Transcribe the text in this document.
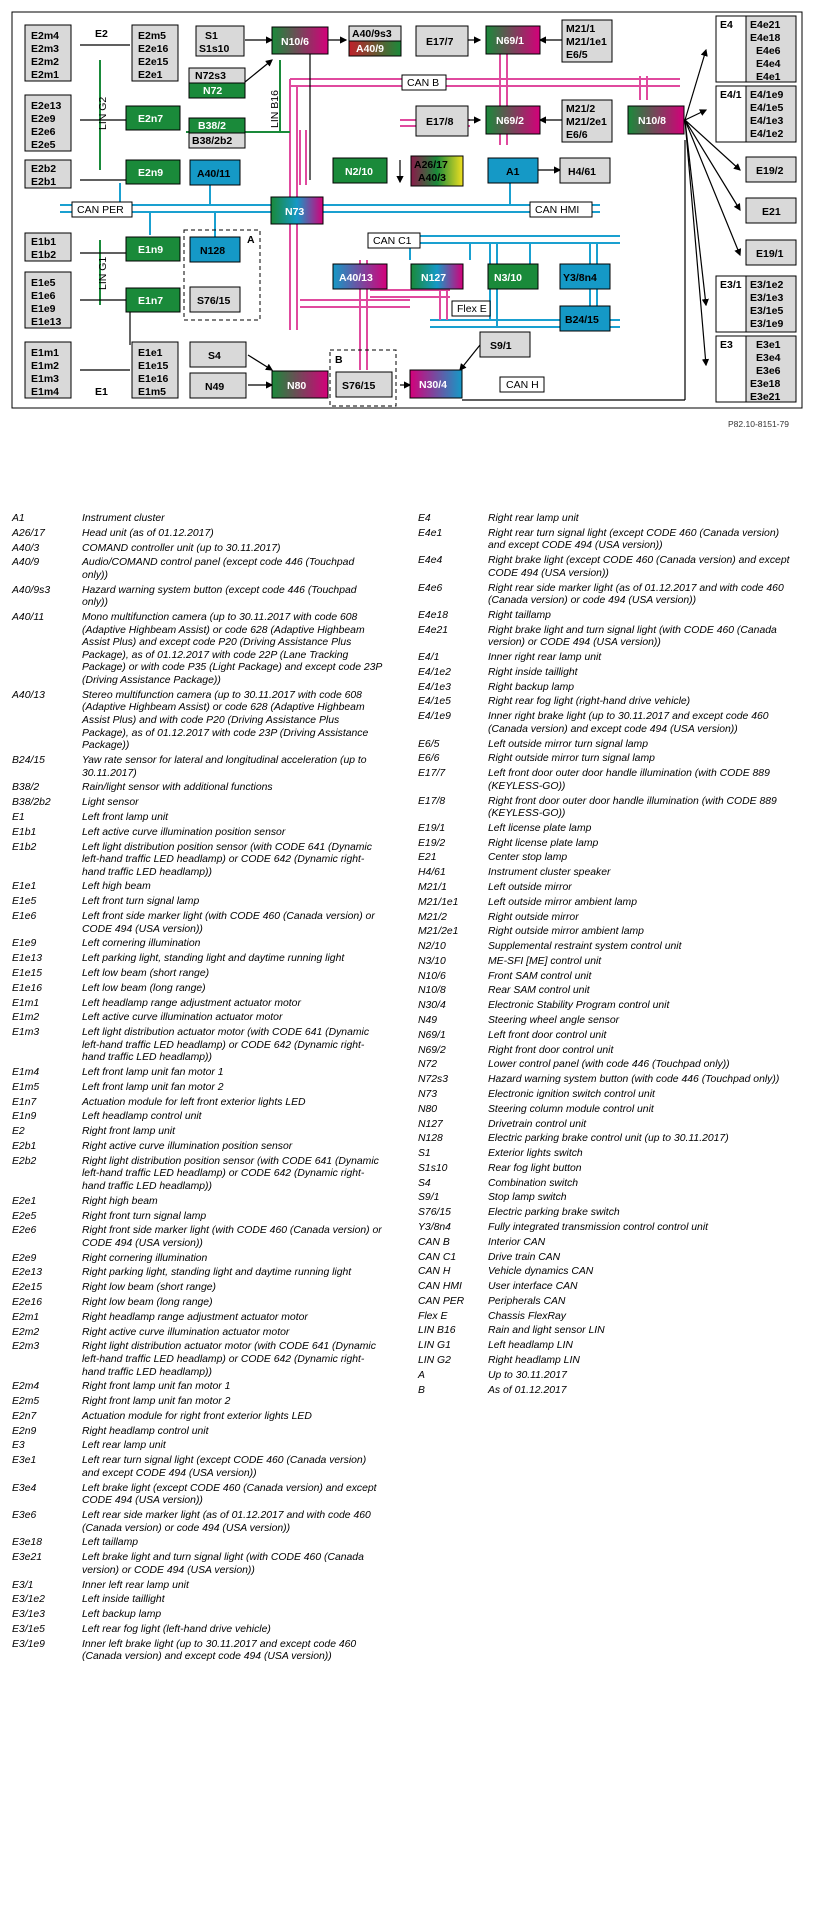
E2m4
E2m3
E2m2
E2m1
E2	E2m5
E2e16
E2e15
E2e1
E2e13
E2e9
E2e6
E2e5
E2b2
E2b1
E2n7
E2n9
LIN G2
E1b1
E1b2
E1e5
E1e6
E1e9
E1e13
E1m1
E1m2
E1m3
E1m4	E1
E1e1
E1e15
E1e16
E1m5
E1n9
E1n7
LIN G1
S1
S1s10
N10/6
A40/9s3
A40/9
N72s3
N72
B38/2
B38/2b2
LIN B16
A40/11
E17/7	N69/1
M21/1
M21/1e1
E6/5
E17/8	N69/2
M21/2
M21/2e1
E6/6
CAN B
N10/8
N2/10
A26/17
A40/3	A1	H4/61
CAN PER	N73	CAN HMI
A
N128
S76/15
CAN C1
A40/13	N127	N3/10	Y3/8n4
Flex E
B24/15
S9/1
S4
N49	N80
B
S76/15	N30/4	CAN H
E4 E4e21
E4e18
E4e6
E4e4
E4e1
E4/1 E4/1e9
E4/1e5
E4/1e3
E4/1e2
E19/2
E21
E19/1
E3/1 E3/1e2
E3/1e3
E3/1e5
E3/1e9
E3 E3e1
E3e4
E3e6
E3e18
E3e21
P82.10-8151-79
A1	Instrument cluster
A26/17	Head unit (as of 01.12.2017)
A40/3	COMAND controller unit (up to 30.11.2017)
A40/9	Audio/COMAND control panel (except code 446 (Touchpad only))
A40/9s3	Hazard warning system button (except code 446 (Touchpad only))
A40/11	Mono multifunction camera (up to 30.11.2017 with code 608 (Adaptive Highbeam Assist) or code 628 (Adaptive Highbeam Assist Plus) and except code P20 (Driving Assistance Plus Package), as of 01.12.2017 with code 22P (Lane Tracking Package) or with code P35 (Light Package) and except code 23P (Driving Assistance Package))
A40/13	Stereo multifunction camera (up to 30.11.2017 with code 608 (Adaptive Highbeam Assist) or code 628 (Adaptive Highbeam Assist Plus) and with code P20 (Driving Assistance Plus Package), as of 01.12.2017 with code 23P (Driving Assistance Package))
B24/15	Yaw rate sensor for lateral and longitudinal acceleration (up to 30.11.2017)
B38/2	Rain/light sensor with additional functions
B38/2b2	Light sensor
E1	Left front lamp unit
E1b1	Left active curve illumination position sensor
E1b2	Left light distribution position sensor (with CODE 641 (Dynamic left-hand traffic LED headlamp) or CODE 642 (Dynamic right-hand traffic LED headlamp))
E1e1	Left high beam
E1e5	Left front turn signal lamp
E1e6	Left front side marker light (with CODE 460 (Canada version) or CODE 494 (USA version))
E1e9	Left cornering illumination
E1e13	Left parking light, standing light and daytime running light
E1e15	Left low beam (short range)
E1e16	Left low beam (long range)
E1m1	Left headlamp range adjustment actuator motor
E1m2	Left active curve illumination actuator motor
E1m3	Left light distribution actuator motor (with CODE 641 (Dynamic left-hand traffic LED headlamp) or CODE 642 (Dynamic right-hand traffic LED headlamp))
E1m4	Left front lamp unit fan motor 1
E1m5	Left front lamp unit fan motor 2
E1n7	Actuation module for left front exterior lights LED
E1n9	Left headlamp control unit
E2	Right front lamp unit
E2b1	Right active curve illumination position sensor
E2b2	Right light distribution position sensor (with CODE 641 (Dynamic left-hand traffic LED headlamp) or CODE 642 (Dynamic right-hand traffic LED headlamp))
E2e1	Right high beam
E2e5	Right front turn signal lamp
E2e6	Right front side marker light (with CODE 460 (Canada version) or CODE 494 (USA version))
E2e9	Right cornering illumination
E2e13	Right parking light, standing light and daytime running light
E2e15	Right low beam (short range)
E2e16	Right low beam (long range)
E2m1	Right headlamp range adjustment actuator motor
E2m2	Right active curve illumination actuator motor
E2m3	Right light distribution actuator motor (with CODE 641 (Dynamic left-hand traffic LED headlamp) or CODE 642 (Dynamic right-hand traffic LED headlamp))
E2m4	Right front lamp unit fan motor 1
E2m5	Right front lamp unit fan motor 2
E2n7	Actuation module for right front exterior lights LED
E2n9	Right headlamp control unit
E3	Left rear lamp unit
E3e1	Left rear turn signal light (except CODE 460 (Canada version) and except CODE 494 (USA version))
E3e4	Left brake light (except CODE 460 (Canada version) and except CODE 494 (USA version))
E3e6	Left rear side marker light (as of 01.12.2017 and with code 460 (Canada version) or code 494 (USA version))
E3e18	Left taillamp
E3e21	Left brake light and turn signal light (with CODE 460 (Canada version) or CODE 494 (USA version))
E3/1	Inner left rear lamp unit
E3/1e2	Left inside taillight
E3/1e3	Left backup lamp
E3/1e5	Left rear fog light (left-hand drive vehicle)
E3/1e9	Inner left brake light (up to 30.11.2017 and except code 460 (Canada version) and except code 494 (USA version))
E4	Right rear lamp unit
E4e1	Right rear turn signal light (except CODE 460 (Canada version) and except CODE 494 (USA version))
E4e4	Right brake light (except CODE 460 (Canada version) and except CODE 494 (USA version))
E4e6	Right rear side marker light (as of 01.12.2017 and with code 460 (Canada version) or code 494 (USA version))
E4e18	Right taillamp
E4e21	Right brake light and turn signal light (with CODE 460 (Canada version) or CODE 494 (USA version))
E4/1	Inner right rear lamp unit
E4/1e2	Right inside taillight
E4/1e3	Right backup lamp
E4/1e5	Right rear fog light (right-hand drive vehicle)
E4/1e9	Inner right brake light (up to 30.11.2017 and except code 460 (Canada version) and except code 494 (USA version))
E6/5	Left outside mirror turn signal lamp
E6/6	Right outside mirror turn signal lamp
E17/7	Left front door outer door handle illumination (with CODE 889 (KEYLESS-GO))
E17/8	Right front door outer door handle illumination (with CODE 889 (KEYLESS-GO))
E19/1	Left license plate lamp
E19/2	Right license plate lamp
E21	Center stop lamp
H4/61	Instrument cluster speaker
M21/1	Left outside mirror
M21/1e1	Left outside mirror ambient lamp
M21/2	Right outside mirror
M21/2e1	Right outside mirror ambient lamp
N2/10	Supplemental restraint system control unit
N3/10	ME-SFI [ME] control unit
N10/6	Front SAM control unit
N10/8	Rear SAM control unit
N30/4	Electronic Stability Program control unit
N49	Steering wheel angle sensor
N69/1	Left front door control unit
N69/2	Right front door control unit
N72	Lower control panel (with code 446 (Touchpad only))
N72s3	Hazard warning system button (with code 446 (Touchpad only))
N73	Electronic ignition switch control unit
N80	Steering column module control unit
N127	Drivetrain control unit
N128	Electric parking brake control unit (up to 30.11.2017)
S1	Exterior lights switch
S1s10	Rear fog light button
S4	Combination switch
S9/1	Stop lamp switch
S76/15	Electric parking brake switch
Y3/8n4	Fully integrated transmission control control unit
CAN B	Interior CAN
CAN C1	Drive train CAN
CAN H	Vehicle dynamics CAN
CAN HMI	User interface CAN
CAN PER	Peripherals CAN
Flex E	Chassis FlexRay
LIN B16	Rain and light sensor LIN
LIN G1	Left headlamp LIN
LIN G2	Right headlamp LIN
A	Up to 30.11.2017
B	As of 01.12.2017
